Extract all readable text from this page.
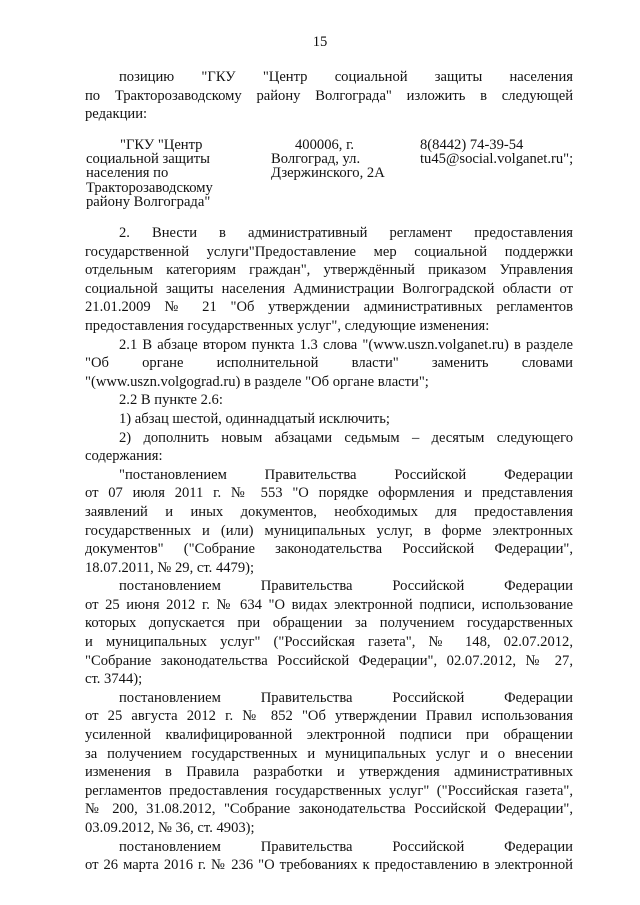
15
позицию "ГКУ "Центр социальной защиты населения
по Тракторозаводскому району Волгограда" изложить в следующей
редакции:
"ГКУ "Центр
социальной защиты
населения по
Тракторозаводскому
району Волгограда"
400006, г.
Волгоград, ул.
Дзержинского, 2А
8(8442) 74-39-54
tu45@social.volganet.ru";
2. Внести в административный регламент предоставления
государственной услуги"Предоставление мер социальной поддержки
отдельным категориям граждан", утверждённый приказом Управления
социальной защиты населения Администрации Волгоградской области от
21.01.2009 № 21 "Об утверждении административных регламентов
предоставления государственных услуг", следующие изменения:
2.1 В абзаце втором пункта 1.3 слова "(www.uszn.volganet.ru) в разделе
"Об органе исполнительной власти" заменить словами
"(www.uszn.volgograd.ru) в разделе "Об органе власти";
2.2 В пункте 2.6:
1) абзац шестой, одиннадцатый исключить;
2) дополнить новым абзацами седьмым – десятым следующего
содержания:
"постановлением Правительства Российской Федерации
от 07 июля 2011 г. № 553 "О порядке оформления и представления
заявлений и иных документов, необходимых для предоставления
государственных и (или) муниципальных услуг, в форме электронных
документов" ("Собрание законодательства Российской Федерации",
18.07.2011, № 29, ст. 4479);
постановлением Правительства Российской Федерации
от 25 июня 2012 г. № 634 "О видах электронной подписи, использование
которых допускается при обращении за получением государственных
и муниципальных услуг" ("Российская газета", № 148, 02.07.2012,
"Собрание законодательства Российской Федерации", 02.07.2012, № 27,
ст. 3744);
постановлением Правительства Российской Федерации
от 25 августа 2012 г. № 852 "Об утверждении Правил использования
усиленной квалифицированной электронной подписи при обращении
за получением государственных и муниципальных услуг и о внесении
изменения в Правила разработки и утверждения административных
регламентов предоставления государственных услуг" ("Российская газета",
№ 200, 31.08.2012, "Собрание законодательства Российской Федерации",
03.09.2012, № 36, ст. 4903);
постановлением Правительства Российской Федерации
от 26 марта 2016 г. № 236 "О требованиях к предоставлению в электронной
